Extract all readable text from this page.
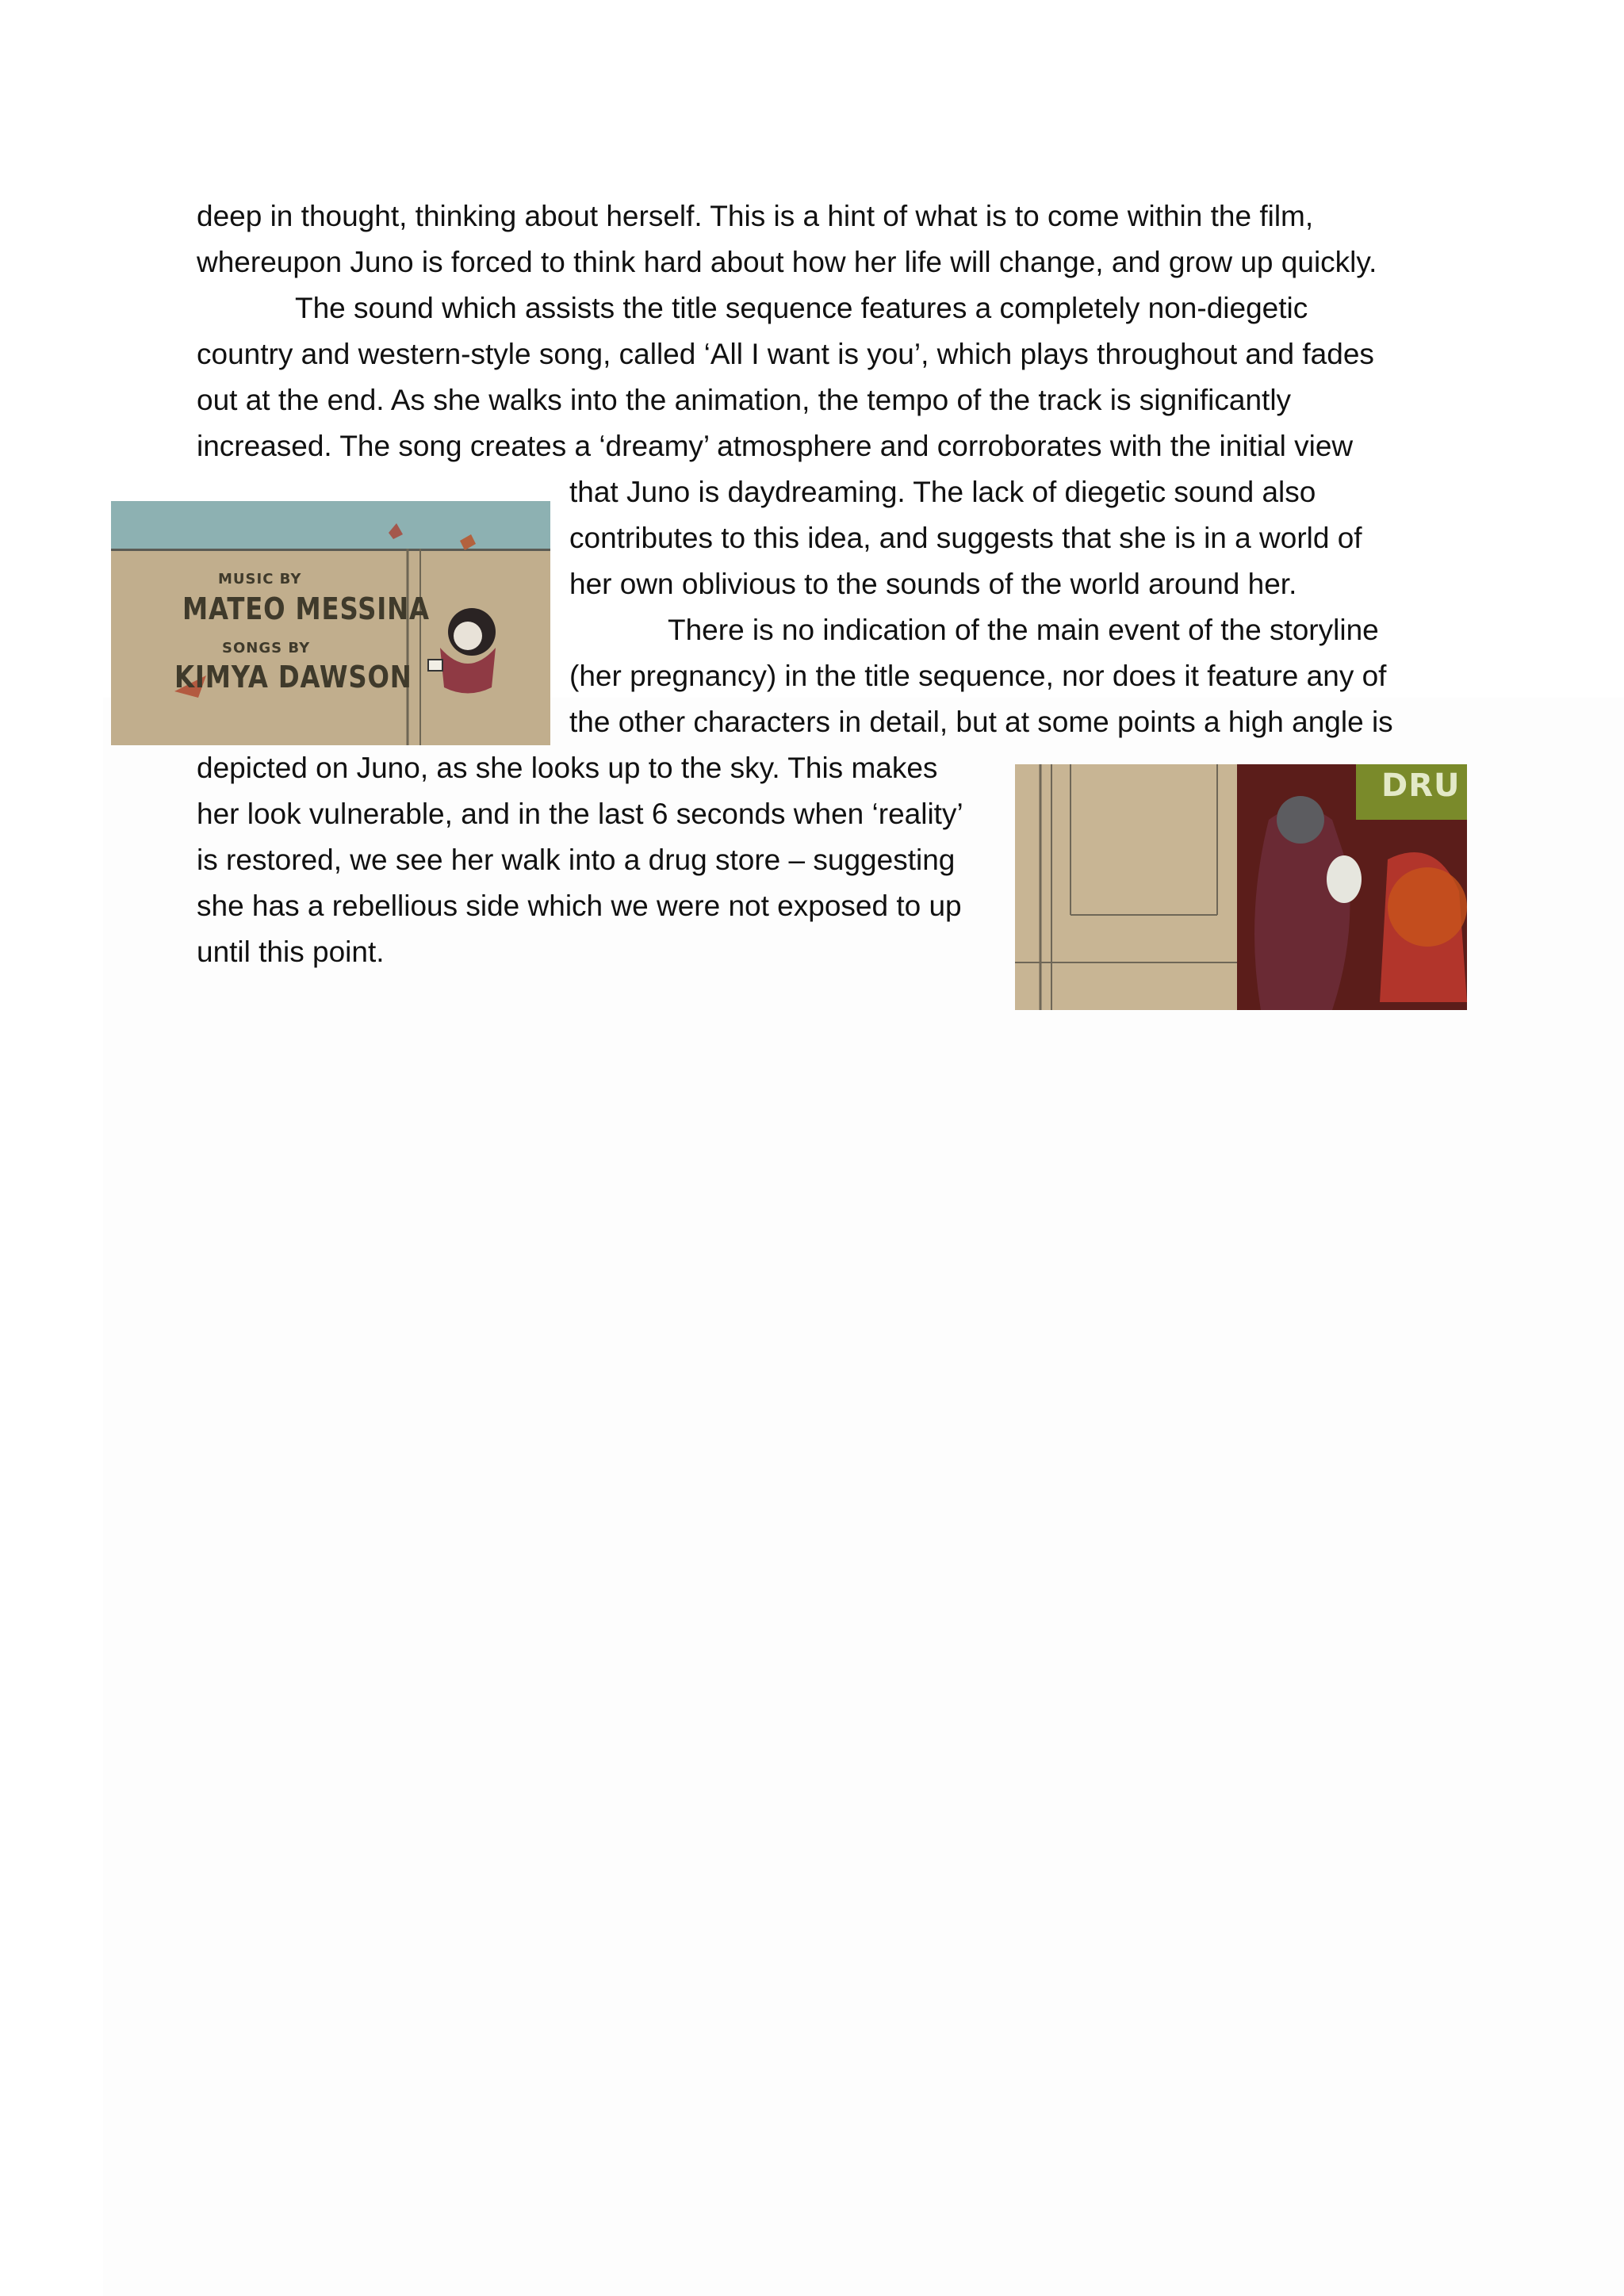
deep in thought, thinking about herself. This is a hint of what is to come within the film,
whereupon Juno is forced to think hard about how her life will change, and grow up quickly.
The sound which assists the title sequence features a completely non-diegetic
country and western-style song, called ‘All I want is you’, which plays throughout and fades
out at the end. As she walks into the animation, the tempo of the track is significantly
increased. The song creates a ‘dreamy’ atmosphere and corroborates with the initial view
that Juno is daydreaming. The lack of diegetic sound also
contributes to this idea, and suggests that she is in a world of
her own oblivious to the sounds of the world around her.
There is no indication of the main event of the storyline
(her pregnancy) in the title sequence, nor does it feature any of
the other characters in detail, but at some points a high angle is
depicted on Juno, as she looks up to the sky. This makes
her look vulnerable, and in the last 6 seconds when ‘reality’
is restored, we see her walk into a drug store – suggesting
she has a rebellious side which we were not exposed to up
until this point.
MUSIC BY
MATEO MESSINA
SONGS BY
KIMYA DAWSON
DRU
